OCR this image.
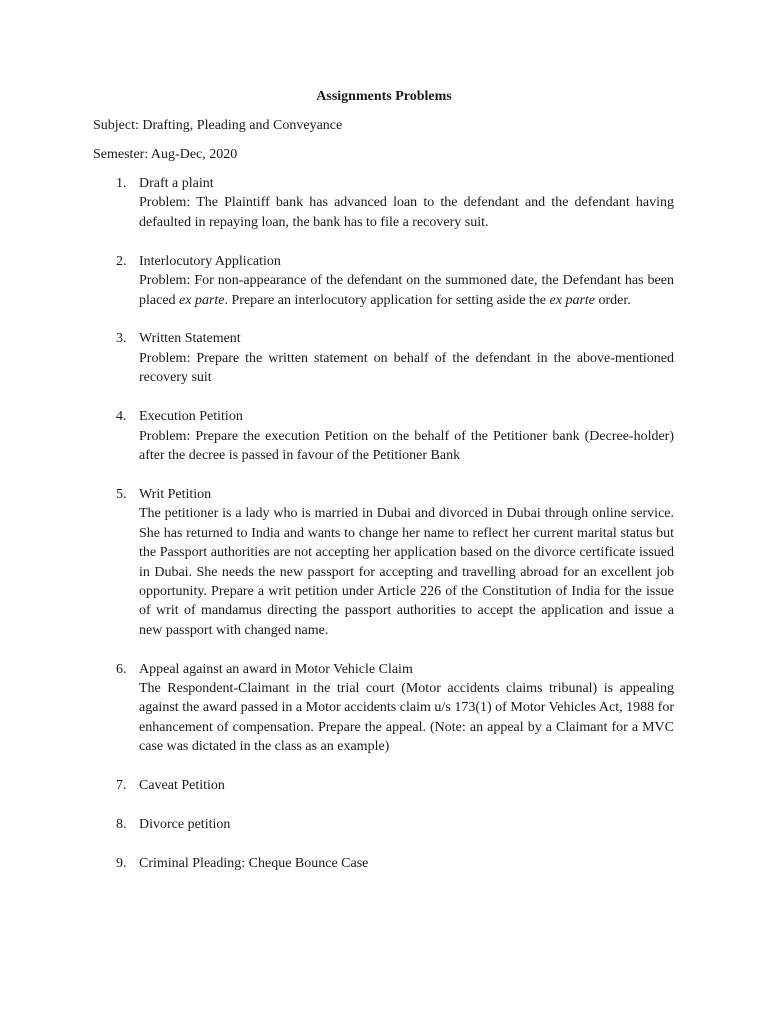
Assignments Problems
Subject: Drafting, Pleading and Conveyance
Semester: Aug-Dec, 2020
1. Draft a plaint
Problem: The Plaintiff bank has advanced loan to the defendant and the defendant having defaulted in repaying loan, the bank has to file a recovery suit.
2. Interlocutory Application
Problem: For non-appearance of the defendant on the summoned date, the Defendant has been placed ex parte. Prepare an interlocutory application for setting aside the ex parte order.
3. Written Statement
Problem: Prepare the written statement on behalf of the defendant in the above-mentioned recovery suit
4. Execution Petition
Problem: Prepare the execution Petition on the behalf of the Petitioner bank (Decree-holder) after the decree is passed in favour of the Petitioner Bank
5. Writ Petition
The petitioner is a lady who is married in Dubai and divorced in Dubai through online service. She has returned to India and wants to change her name to reflect her current marital status but the Passport authorities are not accepting her application based on the divorce certificate issued in Dubai. She needs the new passport for accepting and travelling abroad for an excellent job opportunity. Prepare a writ petition under Article 226 of the Constitution of India for the issue of writ of mandamus directing the passport authorities to accept the application and issue a new passport with changed name.
6. Appeal against an award in Motor Vehicle Claim
The Respondent-Claimant in the trial court (Motor accidents claims tribunal) is appealing against the award passed in a Motor accidents claim u/s 173(1) of Motor Vehicles Act, 1988 for enhancement of compensation. Prepare the appeal. (Note: an appeal by a Claimant for a MVC case was dictated in the class as an example)
7. Caveat Petition
8. Divorce petition
9. Criminal Pleading: Cheque Bounce Case
